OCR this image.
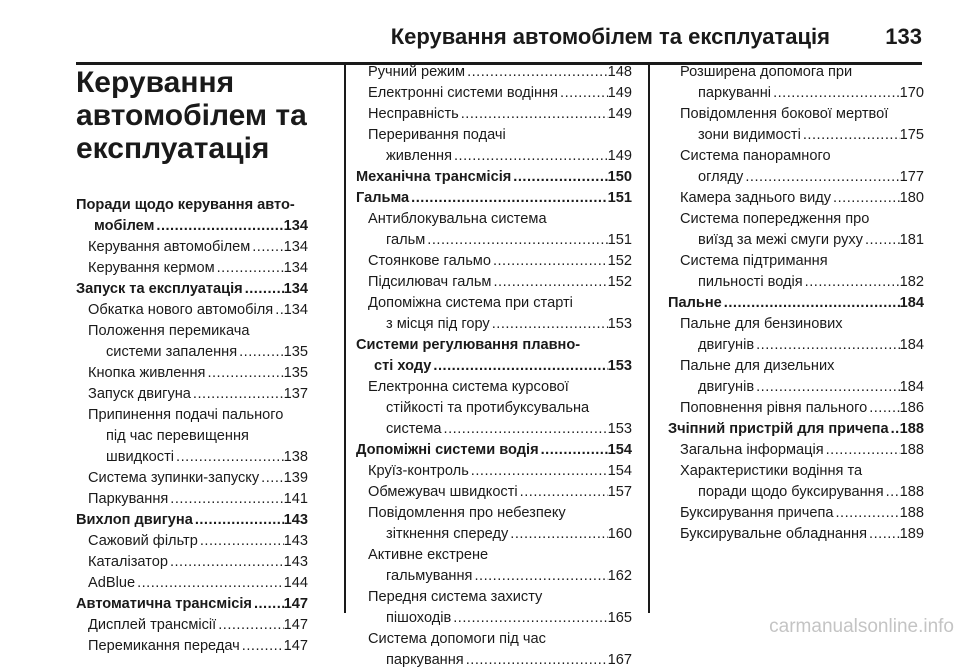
Керування автомобілем та експлуатація	133
Керування
автомобілем та
експлуатація
Поради щодо керування авто-
мобілем .....	134
Керування автомобілем ..... 134
Керування кермом .....	134
Запуск та експлуатація .....	134
Обкатка нового автомобіля ..... 134
Положення перемикача
системи запалення .....	135
Кнопка живлення .....	135
Запуск двигуна .....	137
Припинення подачі пального
під час перевищення
швидкості .....	138
Система зупинки-запуску ..... 139
Паркування .....	141
Вихлоп двигуна .....	143
Сажовий фільтр .....	143
Каталізатор .....	143
AdBlue .....	144
Автоматична трансмісія ..... 147
Дисплей трансмісії .....	147
Перемикання передач .....	147
Ручний режим .....	148
Електронні системи водіння .....	149
Несправність .....	149
Переривання подачі
живлення .....	149
Механічна трансмісія .....	150
Гальма .....	151
Антиблокувальна система
гальм .....	151
Стоянкове гальмо .....	152
Підсилювач гальм .....	152
Допоміжна система при старті
з місця під гору .....	153
Системи регулювання плавно-
сті ходу .....	153
Електронна система курсової
стійкості та протибуксувальна
система .....	153
Допоміжні системи водія .....	154
Круїз-контроль .....	154
Обмежувач швидкості .....	157
Повідомлення про небезпеку
зіткнення спереду .....	160
Активне екстрене
гальмування .....	162
Передня система захисту
пішоходів .....	165
Система допомоги під час
паркування .....	167
Розширена допомога при
паркуванні .....	170
Повідомлення бокової мертвої
зони видимості .....	175
Система панорамного
огляду .....	177
Камера заднього виду .....	180
Система попередження про
виїзд за межі смуги руху .....	181
Система підтримання
пильності водія .....	182
Пальне .....	184
Пальне для бензинових
двигунів .....	184
Пальне для дизельних
двигунів .....	184
Поповнення рівня пального ..... 186
Зчіпний пристрій для причепа ..... 188
Загальна інформація .....	188
Характеристики водіння та
поради щодо буксирування ..... 188
Буксирування причепа .....	188
Буксирувальне обладнання ..... 189
carmanualsonline.info
